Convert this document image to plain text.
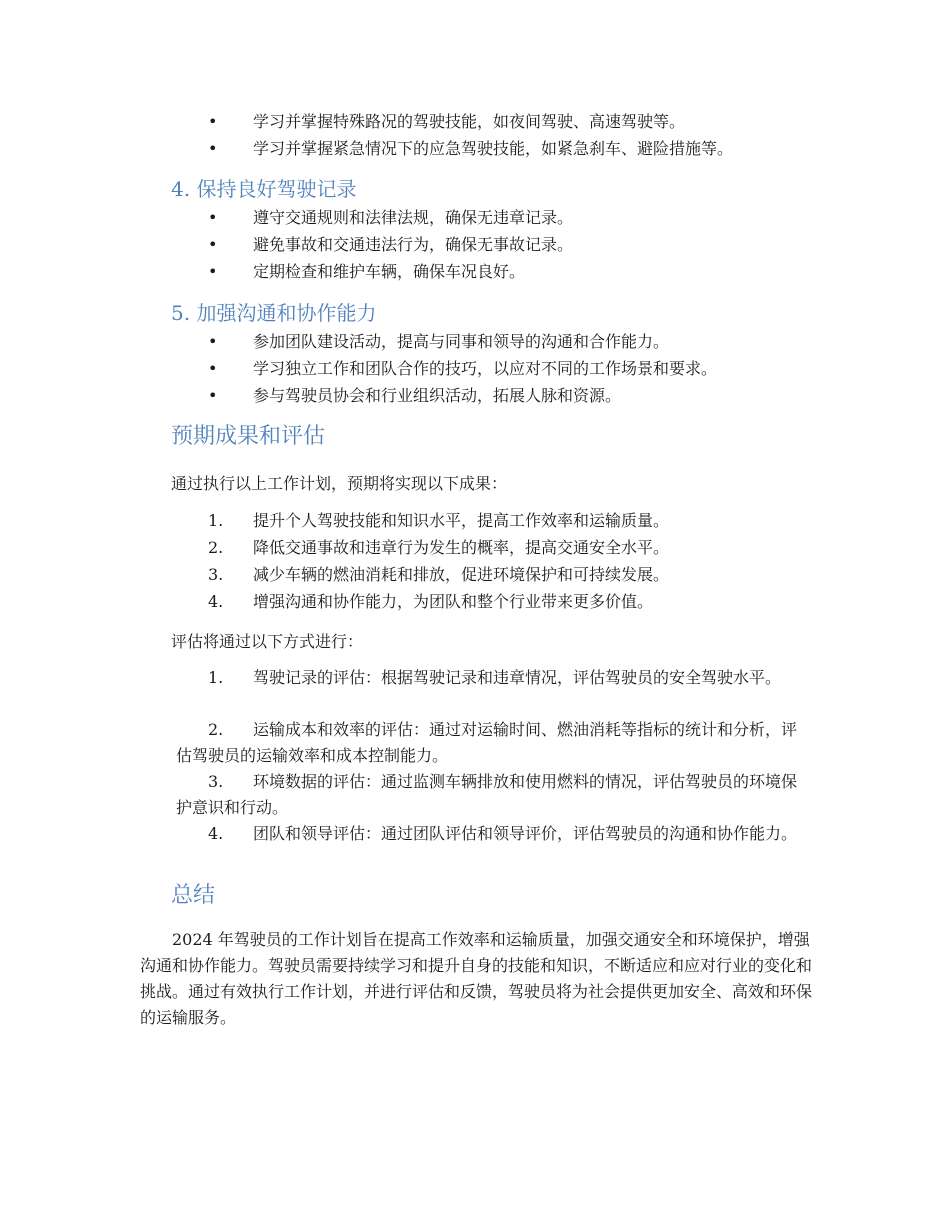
• 学习并掌握特殊路况的驾驶技能，如夜间驾驶、高速驾驶等。
• 学习并掌握紧急情况下的应急驾驶技能，如紧急刹车、避险措施等。
4. 保持良好驾驶记录
• 遵守交通规则和法律法规，确保无违章记录。
• 避免事故和交通违法行为，确保无事故记录。
• 定期检查和维护车辆，确保车况良好。
5. 加强沟通和协作能力
• 参加团队建设活动，提高与同事和领导的沟通和合作能力。
• 学习独立工作和团队合作的技巧，以应对不同的工作场景和要求。
• 参与驾驶员协会和行业组织活动，拓展人脉和资源。
预期成果和评估

通过执行以上工作计划，预期将实现以下成果：

1. 提升个人驾驶技能和知识水平，提高工作效率和运输质量。
2. 降低交通事故和违章行为发生的概率，提高交通安全水平。
3. 减少车辆的燃油消耗和排放，促进环境保护和可持续发展。
4. 增强沟通和协作能力，为团队和整个行业带来更多价值。

评估将通过以下方式进行：

1. 驾驶记录的评估：根据驾驶记录和违章情况，评估驾驶员的安全驾驶水平。

2. 运输成本和效率的评估：通过对运输时间、燃油消耗等指标的统计和分析，评估驾驶员的运输效率和成本控制能力。

3. 环境数据的评估：通过监测车辆排放和使用燃料的情况，评估驾驶员的环境保护意识和行动。

4. 团队和领导评估：通过团队评估和领导评价，评估驾驶员的沟通和协作能力。

总结

2024 年驾驶员的工作计划旨在提高工作效率和运输质量，加强交通安全和环境保护，增强沟通和协作能力。驾驶员需要持续学习和提升自身的技能和知识，不断适应和应对行业的变化和挑战。通过有效执行工作计划，并进行评估和反馈，驾驶员将为社会提供更加安全、高效和环保的运输服务。
